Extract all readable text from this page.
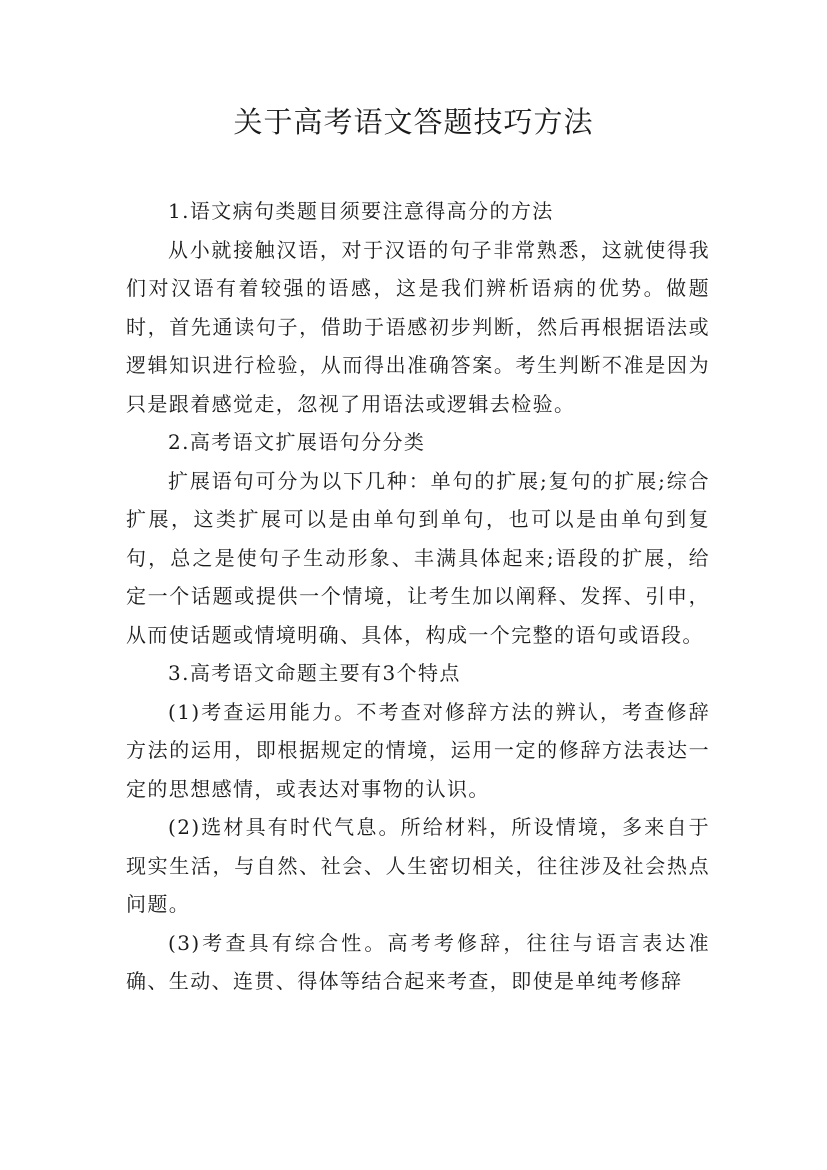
关于高考语文答题技巧方法

1.语文病句类题目须要注意得高分的方法

从小就接触汉语，对于汉语的句子非常熟悉，这就使得我们对汉语有着较强的语感，这是我们辨析语病的优势。做题时，首先通读句子，借助于语感初步判断，然后再根据语法或逻辑知识进行检验，从而得出准确答案。考生判断不准是因为只是跟着感觉走，忽视了用语法或逻辑去检验。

2.高考语文扩展语句分分类

扩展语句可分为以下几种：单句的扩展;复句的扩展;综合扩展，这类扩展可以是由单句到单句，也可以是由单句到复句，总之是使句子生动形象、丰满具体起来;语段的扩展，给定一个话题或提供一个情境，让考生加以阐释、发挥、引申，从而使话题或情境明确、具体，构成一个完整的语句或语段。

3.高考语文命题主要有3个特点

(1)考查运用能力。不考查对修辞方法的辨认，考查修辞方法的运用，即根据规定的情境，运用一定的修辞方法表达一定的思想感情，或表达对事物的认识。

(2)选材具有时代气息。所给材料，所设情境，多来自于现实生活，与自然、社会、人生密切相关，往往涉及社会热点问题。

(3)考查具有综合性。高考考修辞，往往与语言表达准确、生动、连贯、得体等结合起来考查，即使是单纯考修辞
